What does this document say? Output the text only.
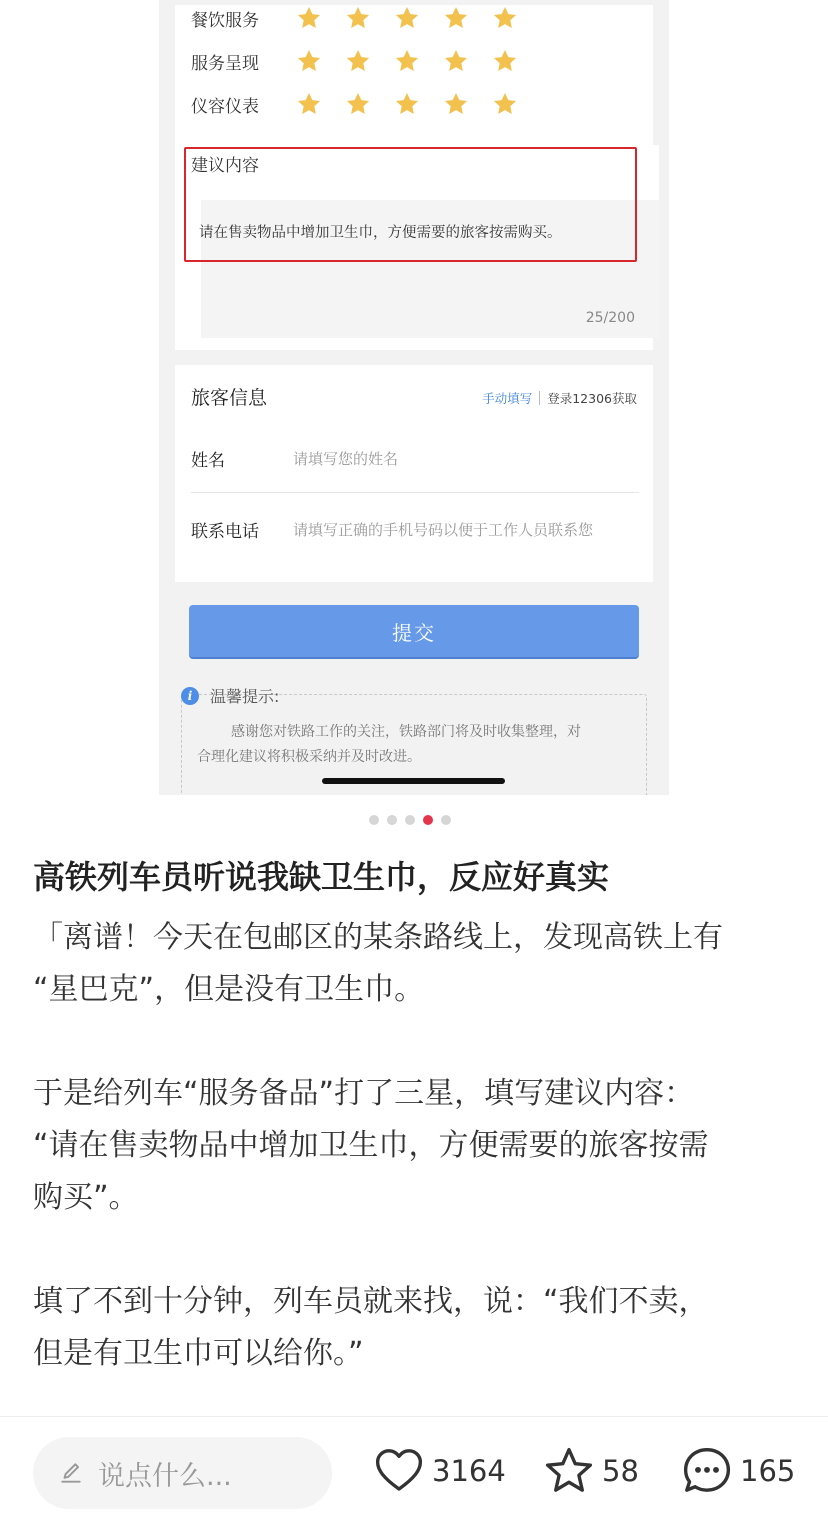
餐饮服务
服务呈现
仪容仪表
建议内容
请在售卖物品中增加卫生巾，方便需要的旅客按需购买。
25/200
旅客信息	手动填写 登录12306获取
姓名	请填写您的姓名
联系电话	请填写正确的手机号码以便于工作人员联系您
提交
i	温馨提示:
感谢您对铁路工作的关注，铁路部门将及时收集整理，对
合理化建议将积极采纳并及时改进。
高铁列车员听说我缺卫生巾，反应好真实
「离谱！今天在包邮区的某条路线上，发现高铁上有
“星巴克”，但是没有卫生巾。
于是给列车“服务备品”打了三星，填写建议内容：
“请在售卖物品中增加卫生巾，方便需要的旅客按需
购买”。
填了不到十分钟，列车员就来找，说：“我们不卖，
但是有卫生巾可以给你。”
说点什么...	3164	58	165
